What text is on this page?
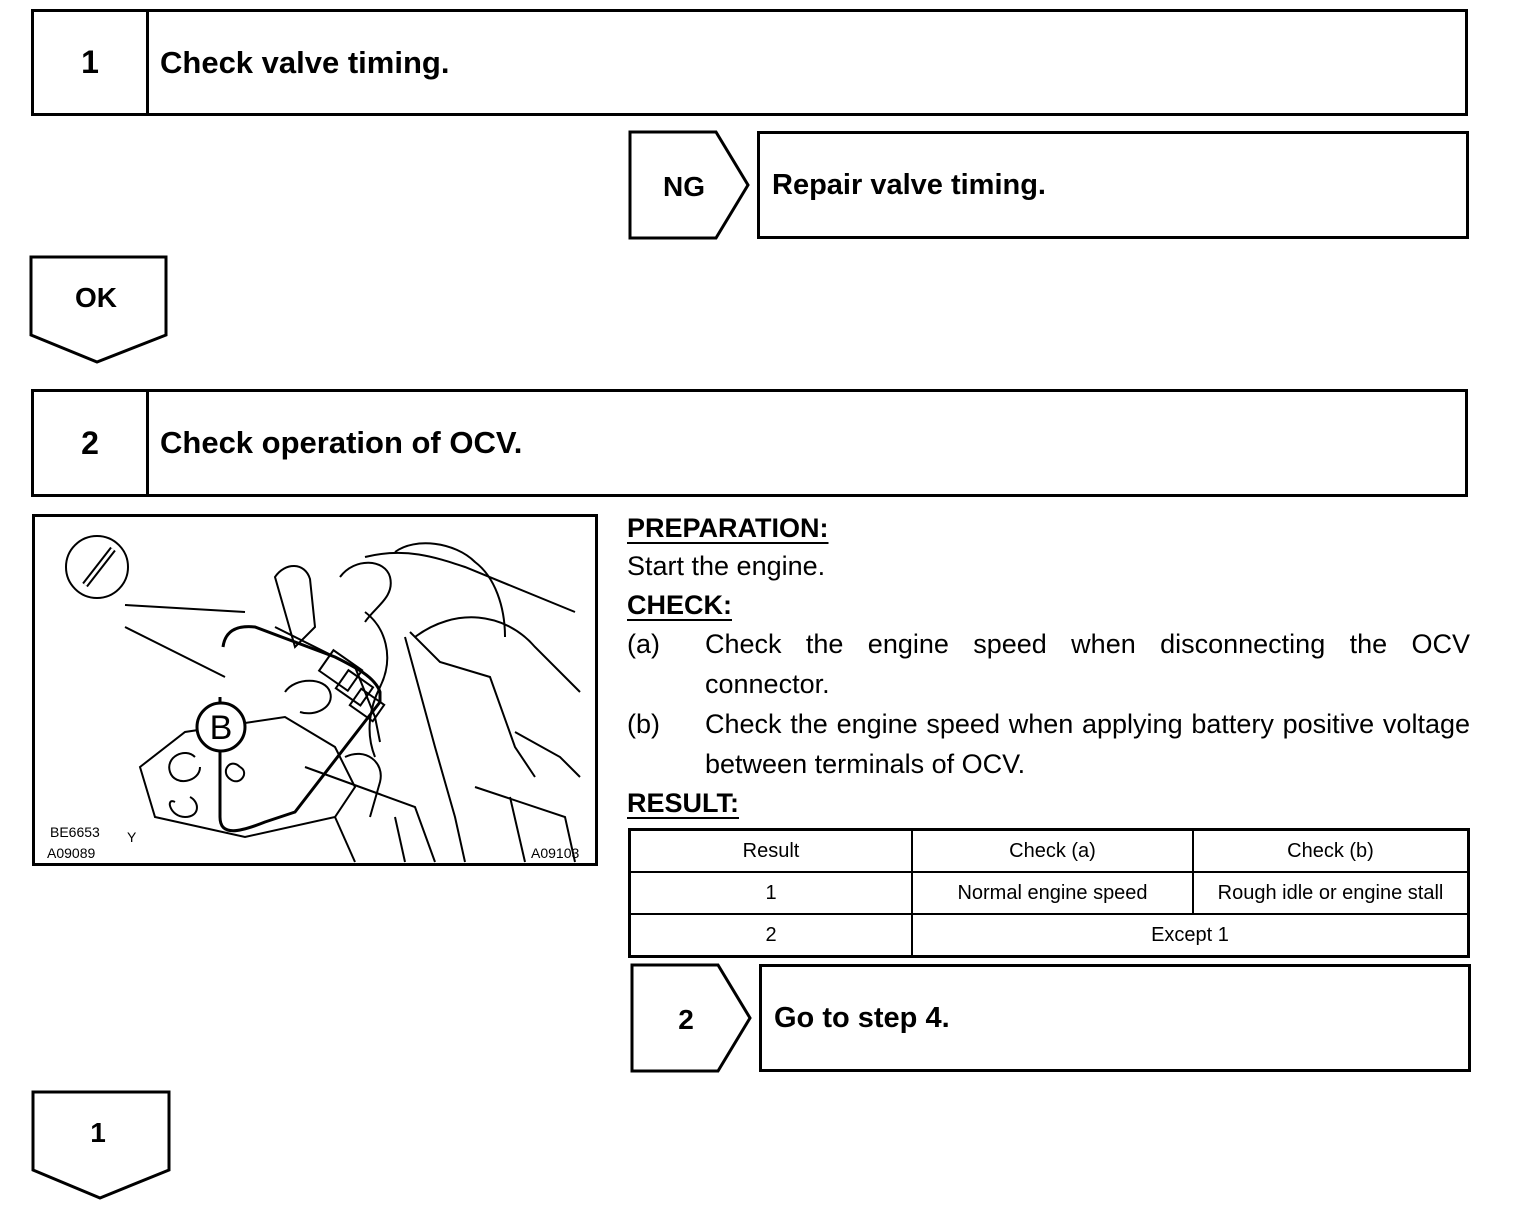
1	Check valve timing.
NG Repair valve timing.
OK
2	Check operation of OCV.
B
BE6653 Y
A09089	A09103
PREPARATION:
Start the engine.
CHECK:
(a)	Check the engine speed when disconnecting the OCV connector.
(b)	Check the engine speed when applying battery positive voltage between terminals of OCV.
RESULT:
Result	Check (a)	Check (b)
1	Normal engine speed	Rough idle or engine stall
2	Except 1	
2	Go to step 4.
1
